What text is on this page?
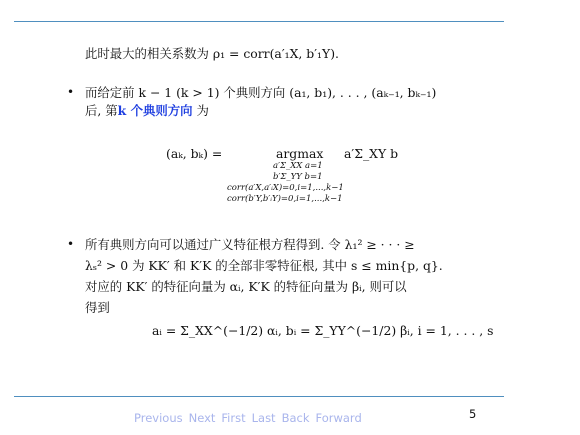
此时最大的相关系数为 ρ₁ = corr(a′₁X, b′₁Y).
• 而给定前 k − 1 (k > 1) 个典则方向 (a₁, b₁), . . . , (aₖ₋₁, bₖ₋₁)
后, 第k 个典则方向 为
(aₖ, bₖ) =	argmax a′Σ_XY b
a′Σ_XX a=1
b′Σ_YY b=1
corr(a′X,a′ᵢX)=0,i=1,...,k−1
corr(b′Y,b′ᵢY)=0,i=1,...,k−1
• 所有典则方向可以通过广义特征根方程得到. 令 λ₁² ≥ · · · ≥
λₛ² > 0 为 KK′ 和 K′K 的全部非零特征根, 其中 s ≤ min{p, q}.
对应的 KK′ 的特征向量为 αᵢ, K′K 的特征向量为 βᵢ, 则可以
得到
aᵢ = Σ_XX^(−1/2) αᵢ, bᵢ = Σ_YY^(−1/2) βᵢ, i = 1, . . . , s
Previous Next First Last Back Forward	5
